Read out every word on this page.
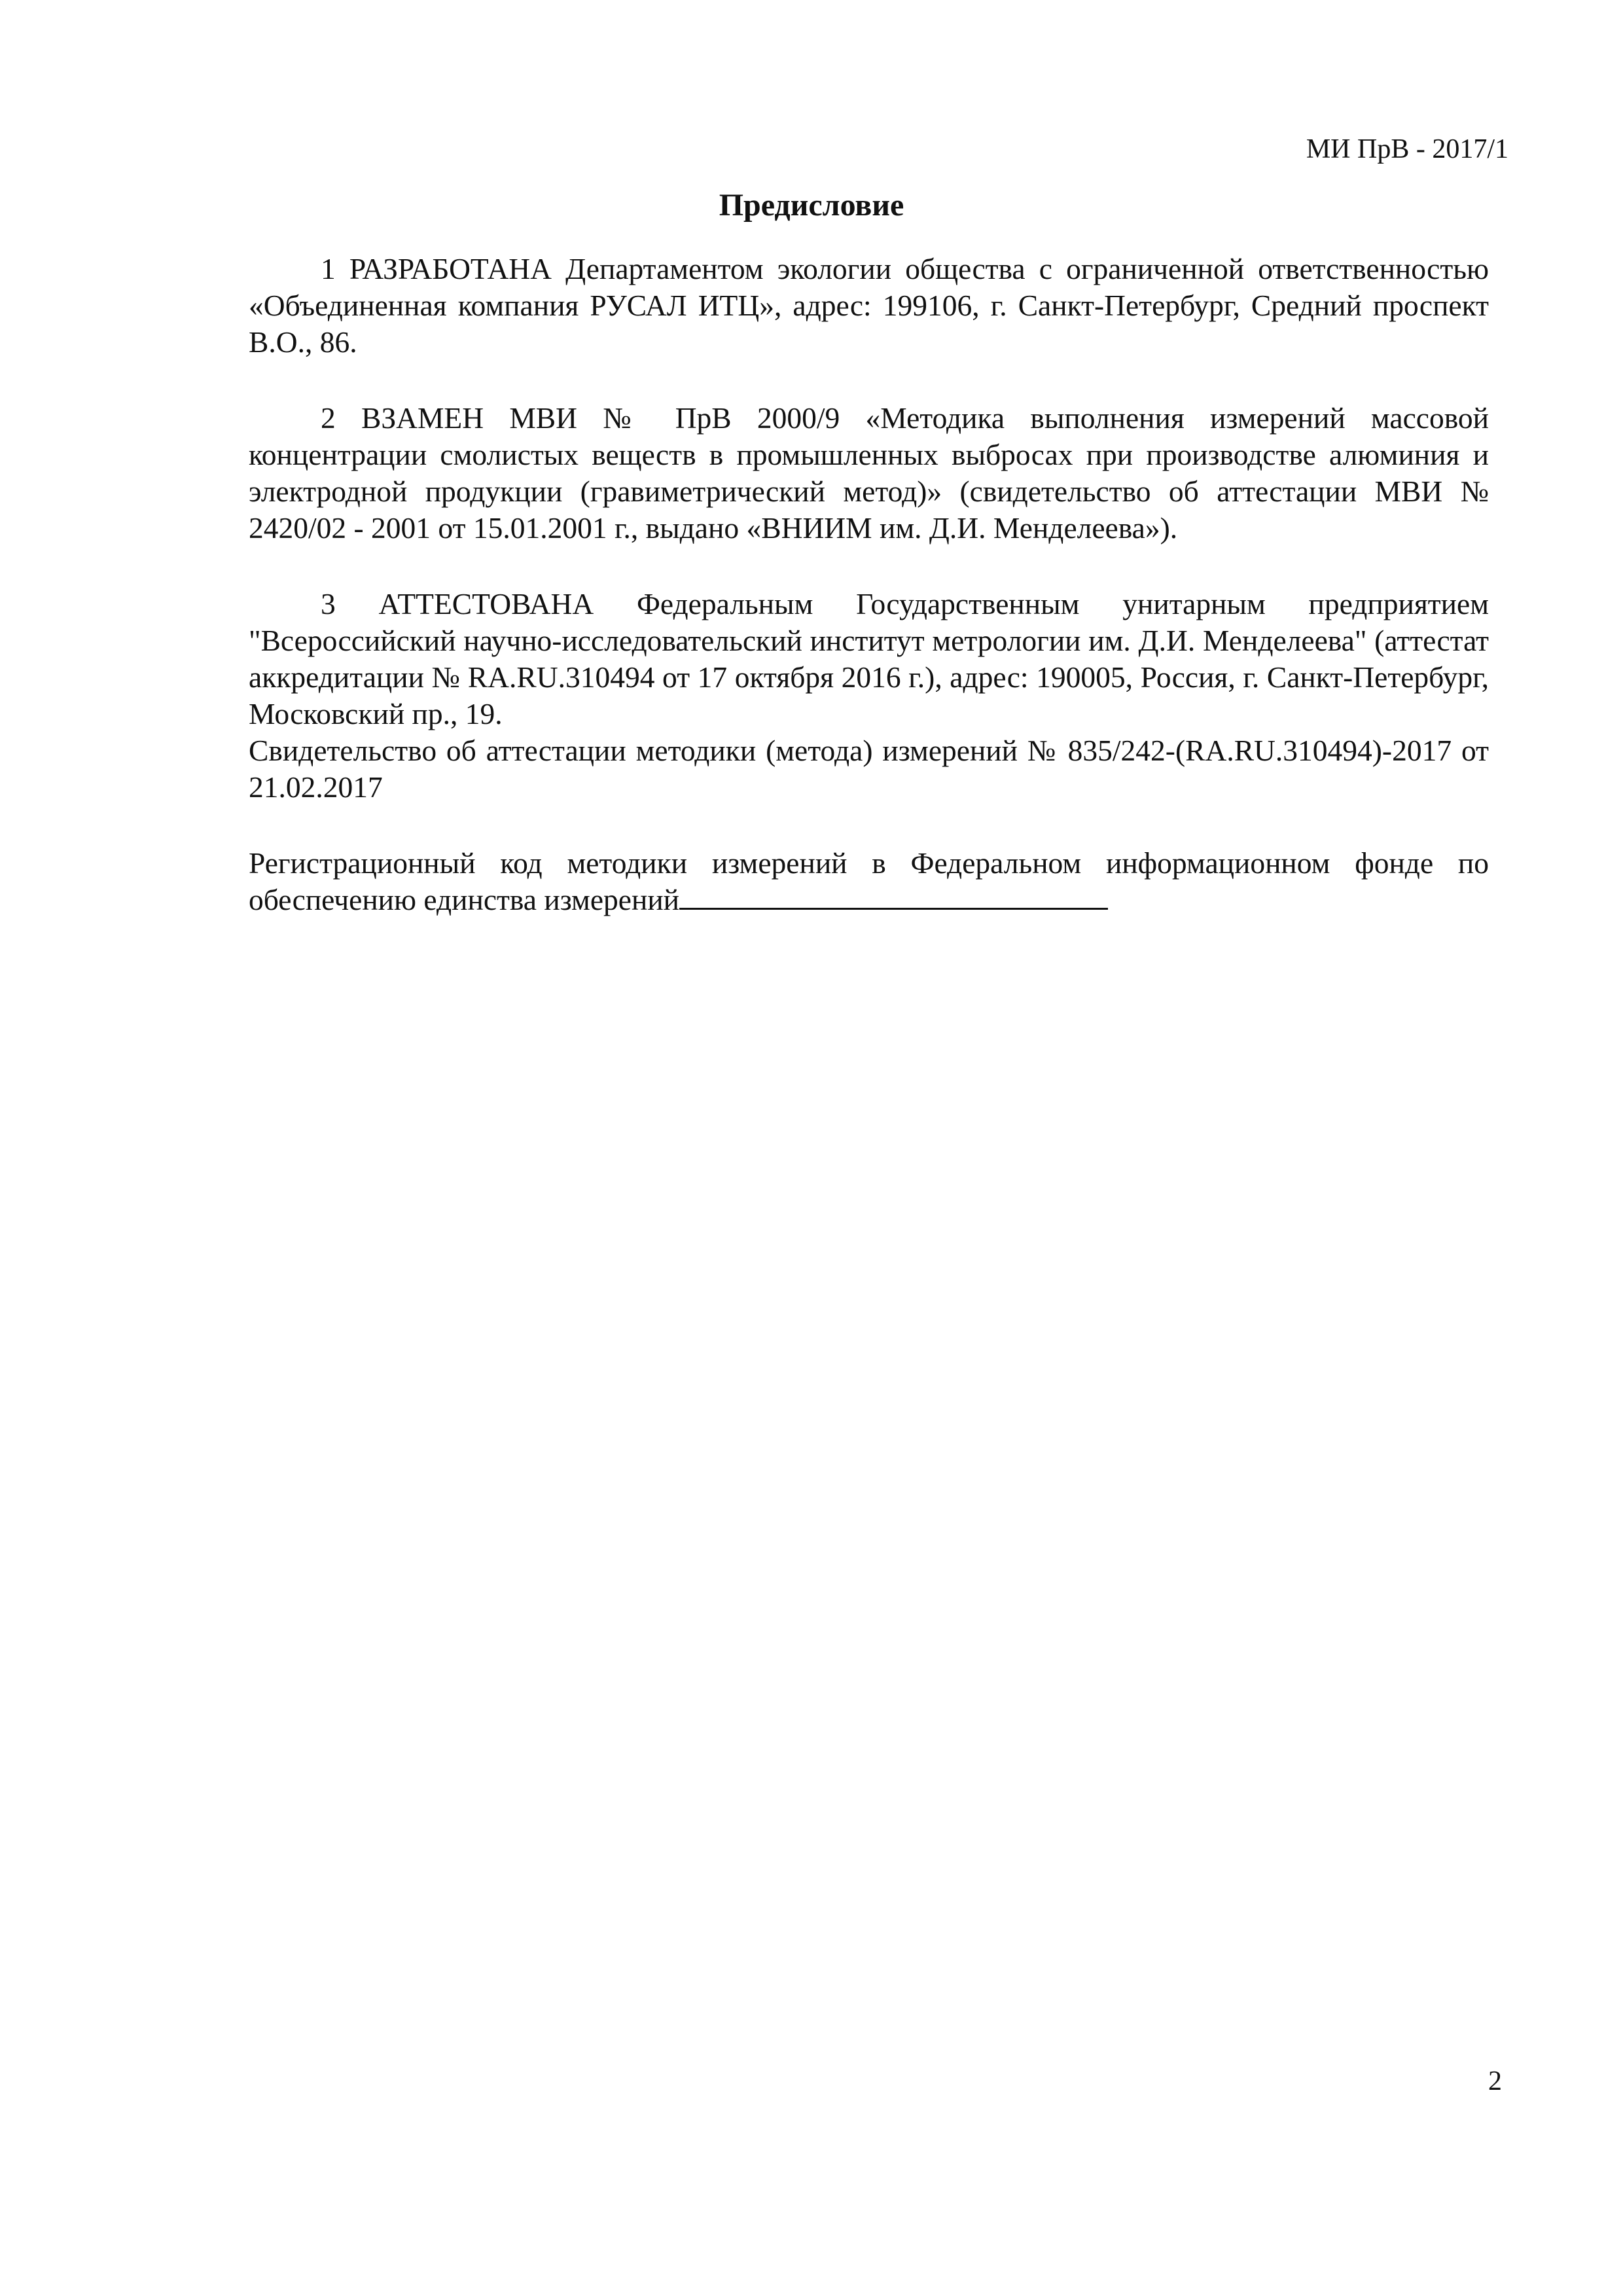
МИ ПрВ - 2017/1
Предисловие

1 РАЗРАБОТАНА Департаментом экологии общества с ограниченной ответственностью «Объединенная компания РУСАЛ ИТЦ», адрес: 199106, г. Санкт-Петербург, Средний проспект В.О., 86.

2 ВЗАМЕН МВИ № ПрВ 2000/9 «Методика выполнения измерений массовой концентрации смолистых веществ в промышленных выбросах при производстве алюминия и электродной продукции (гравиметрический метод)» (свидетельство об аттестации МВИ № 2420/02 - 2001 от 15.01.2001 г., выдано «ВНИИМ им. Д.И. Менделеева»).

3 АТТЕСТОВАНА Федеральным Государственным унитарным предприятием "Всероссийский научно-исследовательский институт метрологии им. Д.И. Менделеева" (аттестат аккредитации № RA.RU.310494 от 17 октября 2016 г.), адрес: 190005, Россия, г. Санкт-Петербург, Московский пр., 19.

Свидетельство об аттестации методики (метода) измерений № 835/242-(RA.RU.310494)-2017 от 21.02.2017

Регистрационный код методики измерений в Федеральном информационном фонде по обеспечению единства измерений

2
